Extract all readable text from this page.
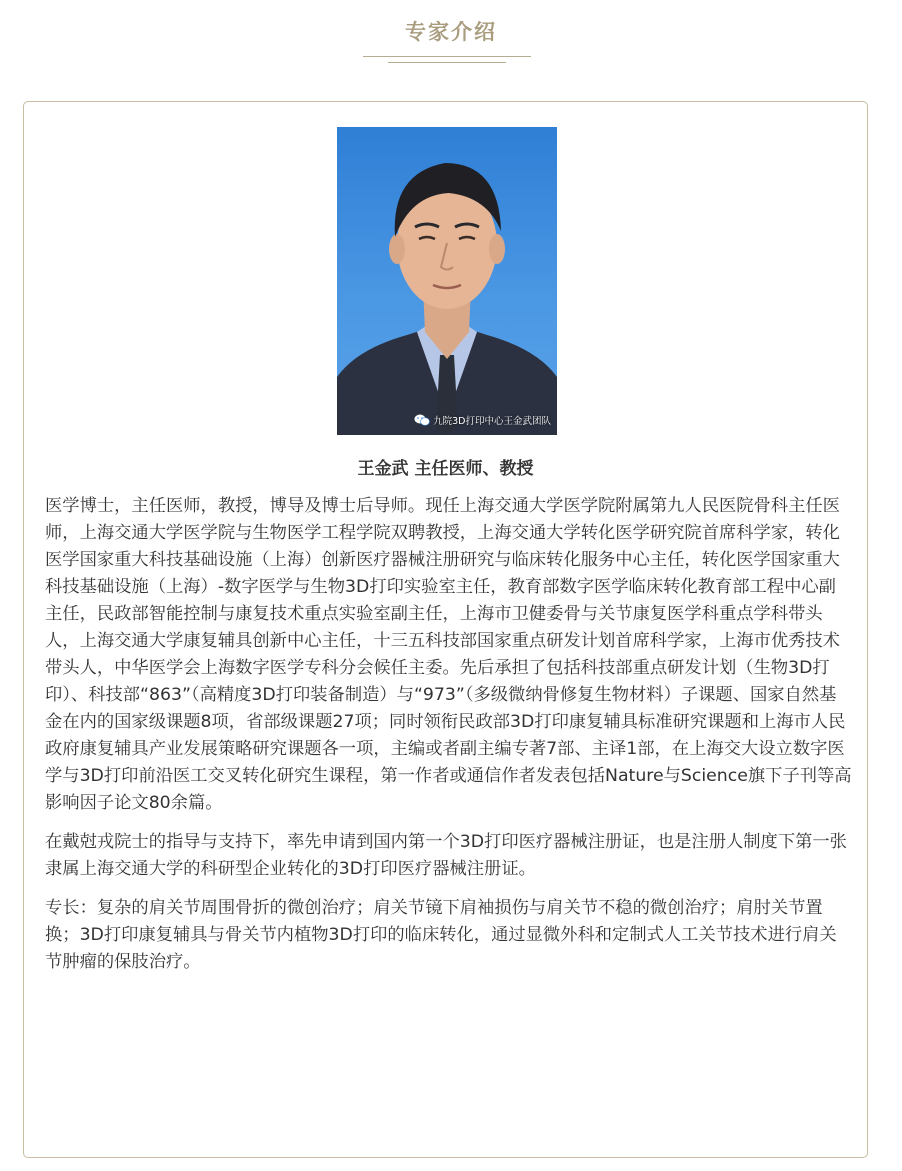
专家介绍
九院3D打印中心王金武团队
王金武 主任医师、教授

医学博士，主任医师，教授，博导及博士后导师。现任上海交通大学医学院附属第九人民医院骨科主任医师，上海交通大学医学院与生物医学工程学院双聘教授，上海交通大学转化医学研究院首席科学家，转化医学国家重大科技基础设施（上海）创新医疗器械注册研究与临床转化服务中心主任，转化医学国家重大科技基础设施（上海）-数字医学与生物3D打印实验室主任，教育部数字医学临床转化教育部工程中心副主任，民政部智能控制与康复技术重点实验室副主任，上海市卫健委骨与关节康复医学科重点学科带头人，上海交通大学康复辅具创新中心主任，十三五科技部国家重点研发计划首席科学家，上海市优秀技术带头人，中华医学会上海数字医学专科分会候任主委。先后承担了包括科技部重点研发计划（生物3D打印）、科技部“863”（高精度3D打印装备制造）与“973”（多级微纳骨修复生物材料）子课题、国家自然基金在内的国家级课题8项，省部级课题27项；同时领衔民政部3D打印康复辅具标准研究课题和上海市人民政府康复辅具产业发展策略研究课题各一项，主编或者副主编专著7部、主译1部，在上海交大设立数字医学与3D打印前沿医工交叉转化研究生课程，第一作者或通信作者发表包括Nature与Science旗下子刊等高影响因子论文80余篇。

在戴尅戎院士的指导与支持下，率先申请到国内第一个3D打印医疗器械注册证，也是注册人制度下第一张隶属上海交通大学的科研型企业转化的3D打印医疗器械注册证。

专长：复杂的肩关节周围骨折的微创治疗；肩关节镜下肩袖损伤与肩关节不稳的微创治疗；肩肘关节置换；3D打印康复辅具与骨关节内植物3D打印的临床转化，通过显微外科和定制式人工关节技术进行肩关节肿瘤的保肢治疗。
